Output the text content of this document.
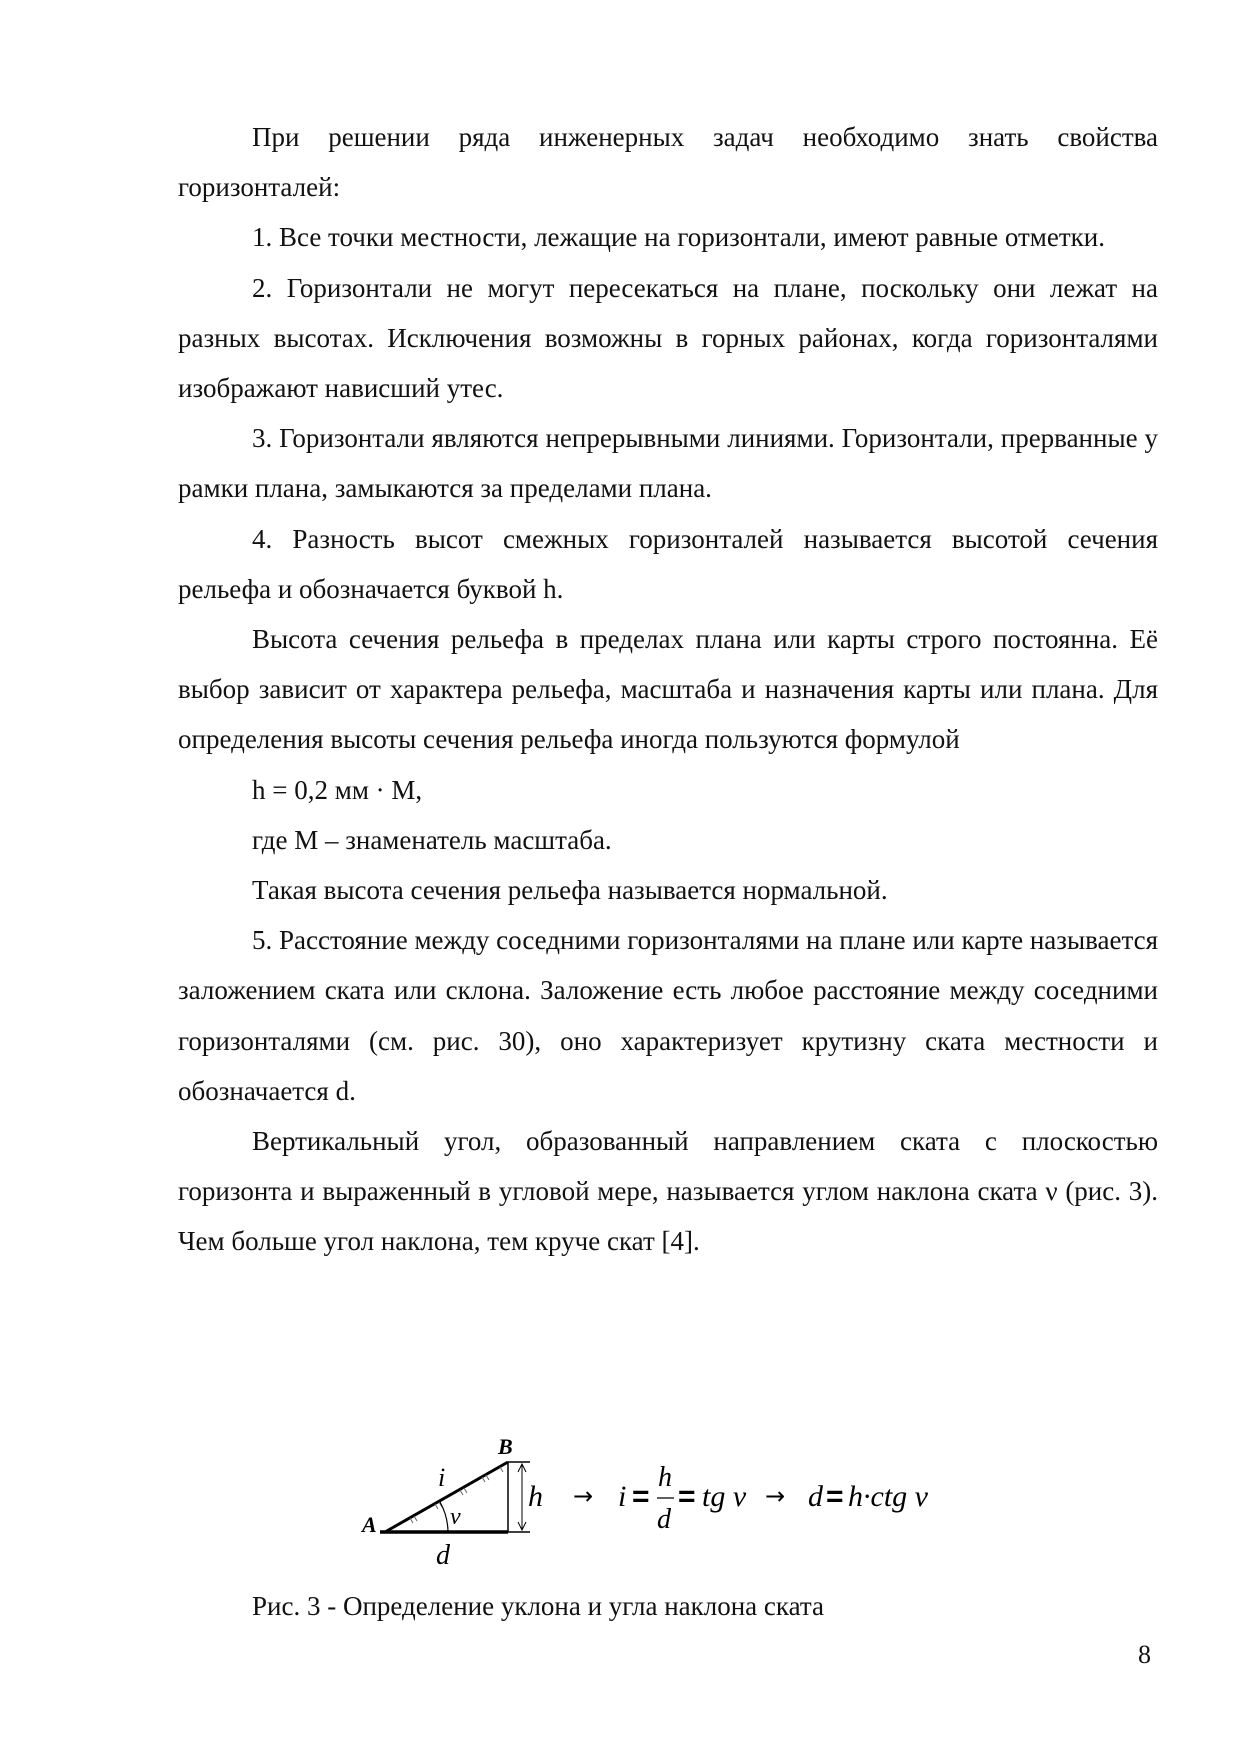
При решении ряда инженерных задач необходимо знать свойства горизонталей:

1. Все точки местности, лежащие на горизонтали, имеют равные отметки.

2. Горизонтали не могут пересекаться на плане, поскольку они лежат на разных высотах. Исключения возможны в горных районах, когда горизонталями изображают нависший утес.

3. Горизонтали являются непрерывными линиями. Горизонтали, прерванные у рамки плана, замыкаются за пределами плана.

4. Разность высот смежных горизонталей называется высотой сечения рельефа и обозначается буквой h.

Высота сечения рельефа в пределах плана или карты строго постоянна. Её выбор зависит от характера рельефа, масштаба и назначения карты или плана. Для определения высоты сечения рельефа иногда пользуются формулой

h = 0,2 мм · М,

где М – знаменатель масштаба.

Такая высота сечения рельефа называется нормальной.

5. Расстояние между соседними горизонталями на плане или карте называется заложением ската или склона. Заложение есть любое расстояние между соседними горизонталями (см. рис. 30), оно характеризует крутизну ската местности и обозначается d.

Вертикальный угол, образованный направлением ската с плоскостью горизонта и выраженный в угловой мере, называется углом наклона ската ν (рис. 3). Чем больше угол наклона, тем круче скат [4].

A
B
i
ν
d
h → i =
h
d
= tg ν → d = h·ctg ν
Рис. 3 - Определение уклона и угла наклона ската
8
